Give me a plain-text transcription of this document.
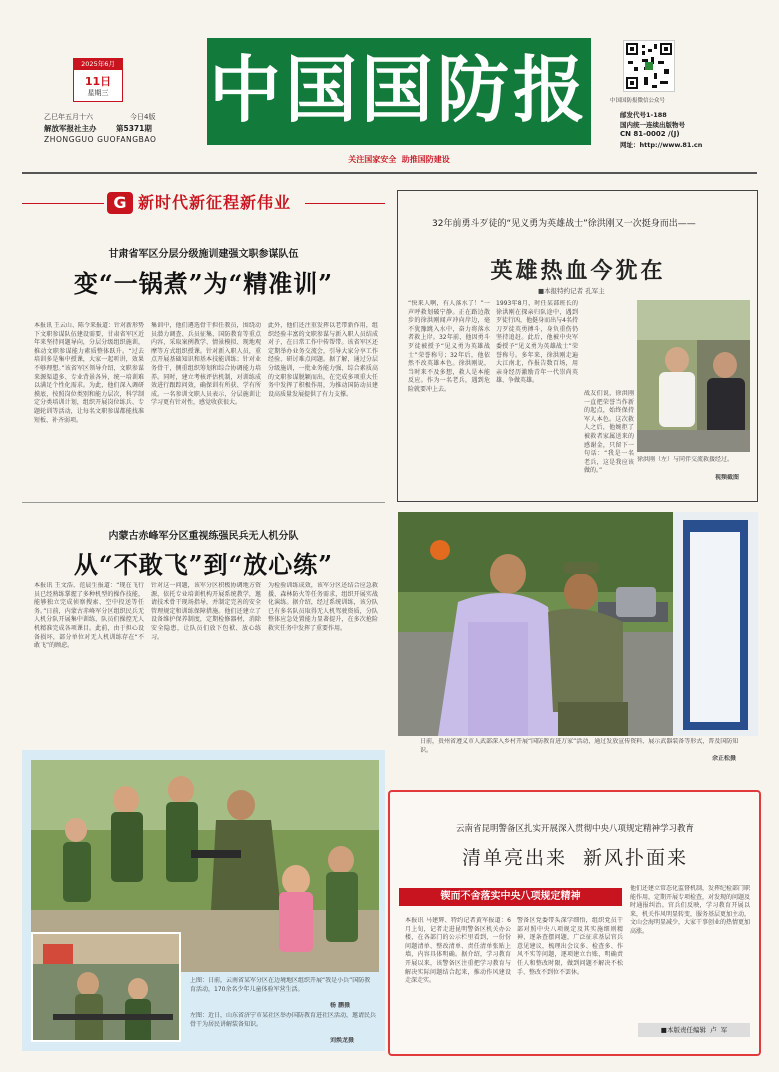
2025年6月
11日
星期三
乙巳年五月十六	今日4版
解放军报社主办	第5371期
ZHONGGUO GUOFANGBAO
中国国防报
关注国家安全  助推国防建设
中国国防报微信公众号
邮发代号1-188
国内统一连续出版物号
CN 81-0002 /(J)
网址：http://www.81.cn
G 新时代新征程新伟业
甘肃省军区分层分级施训建强文职参谋队伍
变“一锅煮”为“精准训”
本报讯 王云山、陈令来报道：针对新形势下文职参谋队伍建设需要，甘肃省军区近年来坚持问题导向，分层分级组织施训，推动文职参谋能力素质整体跃升。“过去培训多是集中授课，大家一起听讲，效果不够理想。”该省军区领导介绍，文职参谋来源渠道多、专业背景各异，统一培训难以满足个性化需求。为此，他们深入调研摸底，按照岗位类别和能力层次，科学制定分类培训计划，组织开展岗位练兵、专题轮训等活动，让每名文职参谋都能找准短板、补齐弱项。
集训中，他们遴选骨干担任教员，围绕动员潜力调查、兵员征集、国防教育等重点内容，采取案例教学、情景模拟、现地观摩等方式组织授课。针对新入职人员，重点开展基础知识和基本技能训练；针对业务骨干，侧重组织筹划和综合协调能力培养。同时，建立考核评估机制，对训练成效进行跟踪问效，确保训有所获、学有所成。一名参训文职人员表示，分层施训让学习更有针对性，感觉收获很大。
此外，他们还注重发挥以老带新作用，组织经验丰富的文职参谋与新入职人员结成对子，在日常工作中传帮带。该省军区还定期举办业务交流会，引导大家分享工作经验、研讨难点问题。据了解，通过分层分级施训，一批业务能力强、综合素质高的文职参谋脱颖而出，在完成多项重大任务中发挥了积极作用，为推动国防动员建设高质量发展提供了有力支撑。
32年前勇斗歹徒的“见义勇为英雄战士”徐洪刚又一次挺身而出——
英雄热血今犹在
■本报特约记者 孔军主
“快来人啊，有人落水了！”一声呼救划破宁静。正在路边散步的徐洪刚闻声冲向岸边，毫不犹豫跳入水中，奋力将落水者救上岸。32年前，他因勇斗歹徒被授予“见义勇为英雄战士”荣誉称号；32年后，他依然不改英雄本色。徐洪刚说，当时来不及多想，救人是本能反应。作为一名老兵，遇到危险就要冲上去。
1993年8月，时任某部班长的徐洪刚在探亲归队途中，遇到歹徒行凶，他挺身而出与4名持刀歹徒英勇搏斗，身负重伤仍坚持追赶。此后，他被中央军委授予“见义勇为英雄战士”荣誉称号。多年来，徐洪刚走遍大江南北，作报告数百场，用亲身经历激励青年一代崇尚英雄、争做英雄。
战友们说，徐洪刚一直把荣誉当作新的起点，始终保持军人本色。这次救人之后，他婉拒了被救者家属送来的感谢金，只留下一句话：“我是一名老兵，这是我应该做的。”
徐洪刚（左）与同伴交流救援经过。
视频截图
内蒙古赤峰军分区重视练强民兵无人机分队
从“不敢飞”到“放心练”
本报讯 王文浩、范晨生报道：“现在飞行员已经熟练掌握了多种机型的操作技能，能够独立完成侦察搜索、空中投送等任务。”日前，内蒙古赤峰军分区组织民兵无人机分队开展集中训练，队员们操控无人机精准完成各项课目。此前，由于担心设备损坏，部分单位对无人机训练存在“不敢飞”的顾虑。
针对这一问题，该军分区积极协调地方资源，依托专业培训机构开展系统教学，邀请技术骨干现场指导，并制定完善的安全管理规定和训练保障措施。他们还建立了设备维护保养制度，定期检修器材，消除安全隐患，让队员们放下包袱、放心练习。
为检验训练成效，该军分区还结合应急救援、森林防火等任务需求，组织开展实战化演练。据介绍，经过系统训练，该分队已有多名队员取得无人机驾驶资质，分队整体应急处置能力显著提升，在多次抢险救灾任务中发挥了重要作用。
日前，贵州省遵义市人武部深入乡村开展“国防教育进万家”活动，通过发放宣传资料、展示武器装备等形式，普及国防知识。
余正松摄
上图：日前，云南省某军分区在边境地区组织开展“我是小兵”国防教育活动，170余名少年儿童体验军营生活。
杨 鹏摄
左图：近日，山东省济宁市某社区举办国防教育进社区活动，邀请民兵骨干为居民讲解装备知识。
刘焕龙摄
云南省昆明警备区扎实开展深入贯彻中央八项规定精神学习教育
清单亮出来  新风扑面来
锲而不舍落实中央八项规定精神
本报讯 马建辉、特约记者黄军报道：6月上旬，记者走进昆明警备区机关办公楼，在各部门的公示栏里看到，一份份问题清单、整改清单、责任清单张贴上墙，内容具体明确。据介绍，学习教育开展以来，该警备区注重把学习教育与解决实际问题结合起来，推动作风建设走深走实。
警备区党委带头深学细悟，组织党员干部对照中央八项规定及其实施细则精神，逐条查摆问题，广泛征求基层官兵意见建议，梳理出会议多、检查多、作风不实等问题，逐项建立台账，明确责任人和整改时限，做到问题不解决不松手、整改不到位不罢休。
他们还建立常态化监督机制，发挥纪检部门职能作用，定期开展专项检查，对发现的问题及时通报纠治。官兵们反映，学习教育开展以来，机关作风明显转变，服务基层更加主动，文山会海明显减少，大家干事创业的热情更加高涨。
■本版责任编辑  卢  军
